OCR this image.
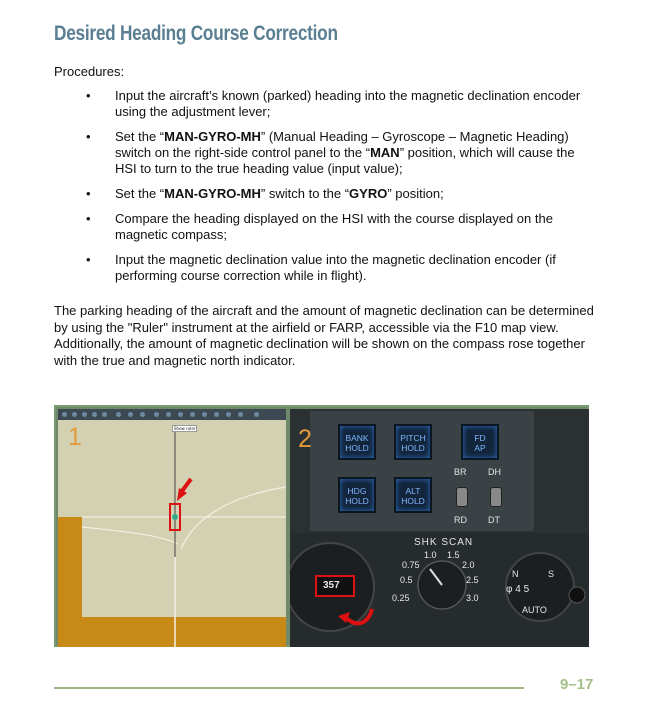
Desired Heading Course Correction
Procedures:
• Input the aircraft’s known (parked) heading into the magnetic declination encoder using the adjustment lever;
• Set the “MAN-GYRO-MH” (Manual Heading – Gyroscope – Magnetic Heading) switch on the right-side control panel to the “MAN” position, which will cause the HSI to turn to the true heading value (input value);
• Set the “MAN-GYRO-MH” switch to the “GYRO” position;
• Compare the heading displayed on the HSI with the course displayed on the magnetic compass;
• Input the magnetic declination value into the magnetic declination encoder (if performing course correction while in flight).

The parking heading of the aircraft and the amount of magnetic declination can be determined by using the "Ruler" instrument at the airfield or FARP, accessible via the F10 map view. Additionally, the amount of magnetic declination will be shown on the compass rose together with the true and magnetic north indicator.

1	Show ruler	2	BANK
HOLD
PITCH
HOLD
FD
AP
HDG
HOLD
ALT
HOLD
BR DH
RD DT
357
SHK SCAN
1.0 1.5
0.75	2.0
0.5	2.5
0.25	3.0
N	S
φ 4 5
AUTO
9–17
